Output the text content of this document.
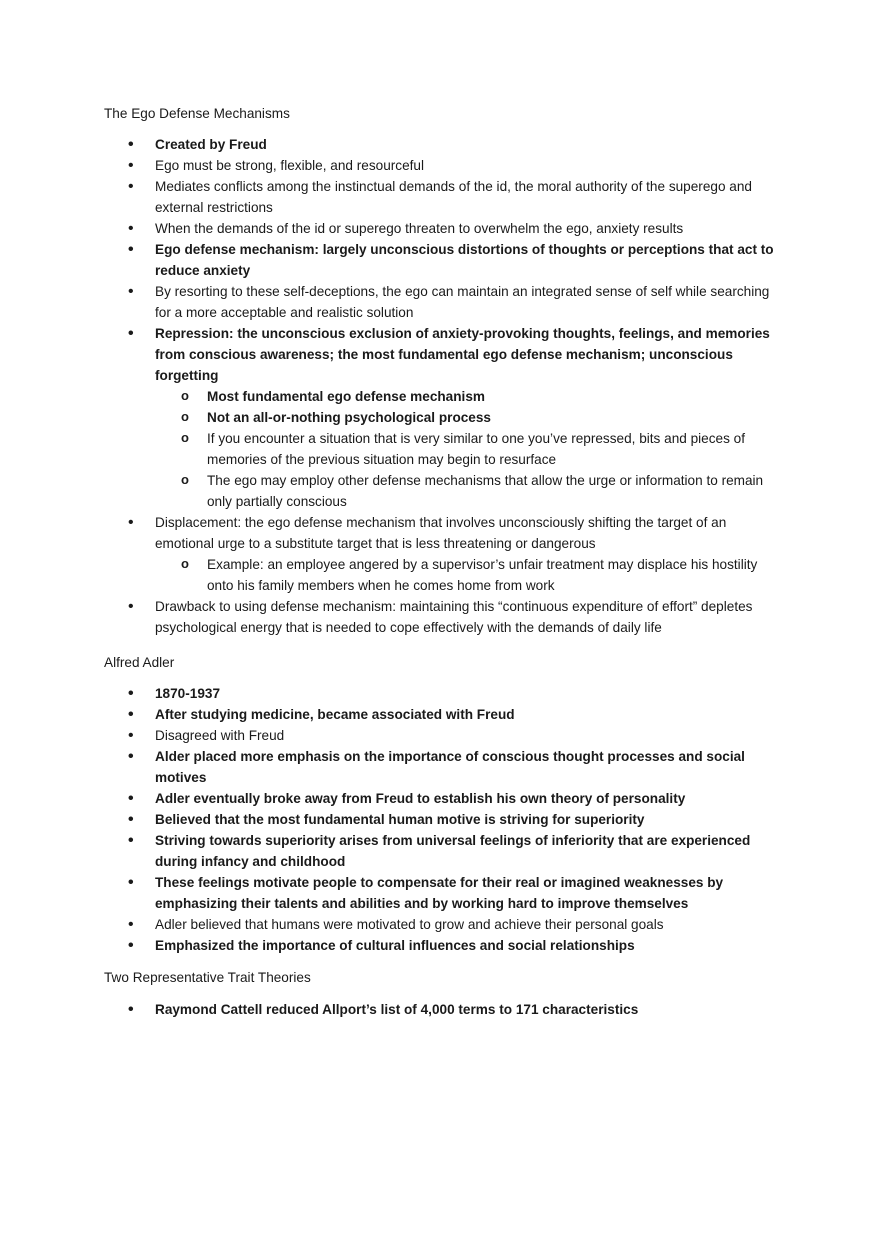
The Ego Defense Mechanisms
• Created by Freud
• Ego must be strong, flexible, and resourceful
• Mediates conflicts among the instinctual demands of the id, the moral authority of the superego and external restrictions
• When the demands of the id or superego threaten to overwhelm the ego, anxiety results
• Ego defense mechanism: largely unconscious distortions of thoughts or perceptions that act to reduce anxiety
• By resorting to these self-deceptions, the ego can maintain an integrated sense of self while searching for a more acceptable and realistic solution
• Repression: the unconscious exclusion of anxiety-provoking thoughts, feelings, and memories from conscious awareness; the most fundamental ego defense mechanism; unconscious forgetting
o Most fundamental ego defense mechanism
o Not an all-or-nothing psychological process
o If you encounter a situation that is very similar to one you’ve repressed, bits and pieces of memories of the previous situation may begin to resurface
o The ego may employ other defense mechanisms that allow the urge or information to remain only partially conscious
• Displacement: the ego defense mechanism that involves unconsciously shifting the target of an emotional urge to a substitute target that is less threatening or dangerous
o Example: an employee angered by a supervisor’s unfair treatment may displace his hostility onto his family members when he comes home from work
• Drawback to using defense mechanism: maintaining this “continuous expenditure of effort” depletes psychological energy that is needed to cope effectively with the demands of daily life
Alfred Adler
• 1870-1937
• After studying medicine, became associated with Freud
• Disagreed with Freud
• Alder placed more emphasis on the importance of conscious thought processes and social motives
• Adler eventually broke away from Freud to establish his own theory of personality
• Believed that the most fundamental human motive is striving for superiority
• Striving towards superiority arises from universal feelings of inferiority that are experienced during infancy and childhood
• These feelings motivate people to compensate for their real or imagined weaknesses by emphasizing their talents and abilities and by working hard to improve themselves
• Adler believed that humans were motivated to grow and achieve their personal goals
• Emphasized the importance of cultural influences and social relationships
Two Representative Trait Theories
• Raymond Cattell reduced Allport’s list of 4,000 terms to 171 characteristics
